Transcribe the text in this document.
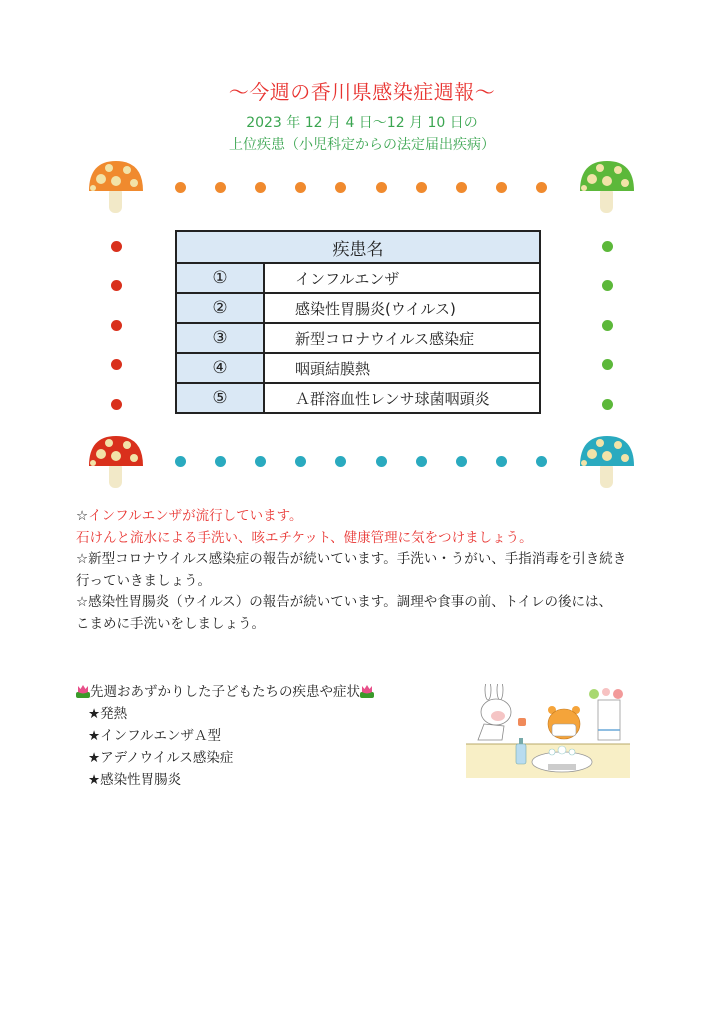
～今週の香川県感染症週報～
2023 年 12 月 4 日～12 月 10 日の
上位疾患（小児科定からの法定届出疾病）
疾患名	
①	インフルエンザ
②	感染性胃腸炎(ウイルス)
③	新型コロナウイルス感染症
④	咽頭結膜熱
⑤	Ａ群溶血性レンサ球菌咽頭炎

☆インフルエンザが流行しています。

石けんと流水による手洗い、咳エチケット、健康管理に気をつけましょう。

☆新型コロナウイルス感染症の報告が続いています。手洗い・うがい、手指消毒を引き続き

行っていきましょう。

☆感染性胃腸炎（ウイルス）の報告が続いています。調理や食事の前、トイレの後には、

こまめに手洗いをしましょう。

先週おあずかりした子どもたちの疾患や症状
★発熱
★インフルエンザＡ型
★アデノウイルス感染症
★感染性胃腸炎
